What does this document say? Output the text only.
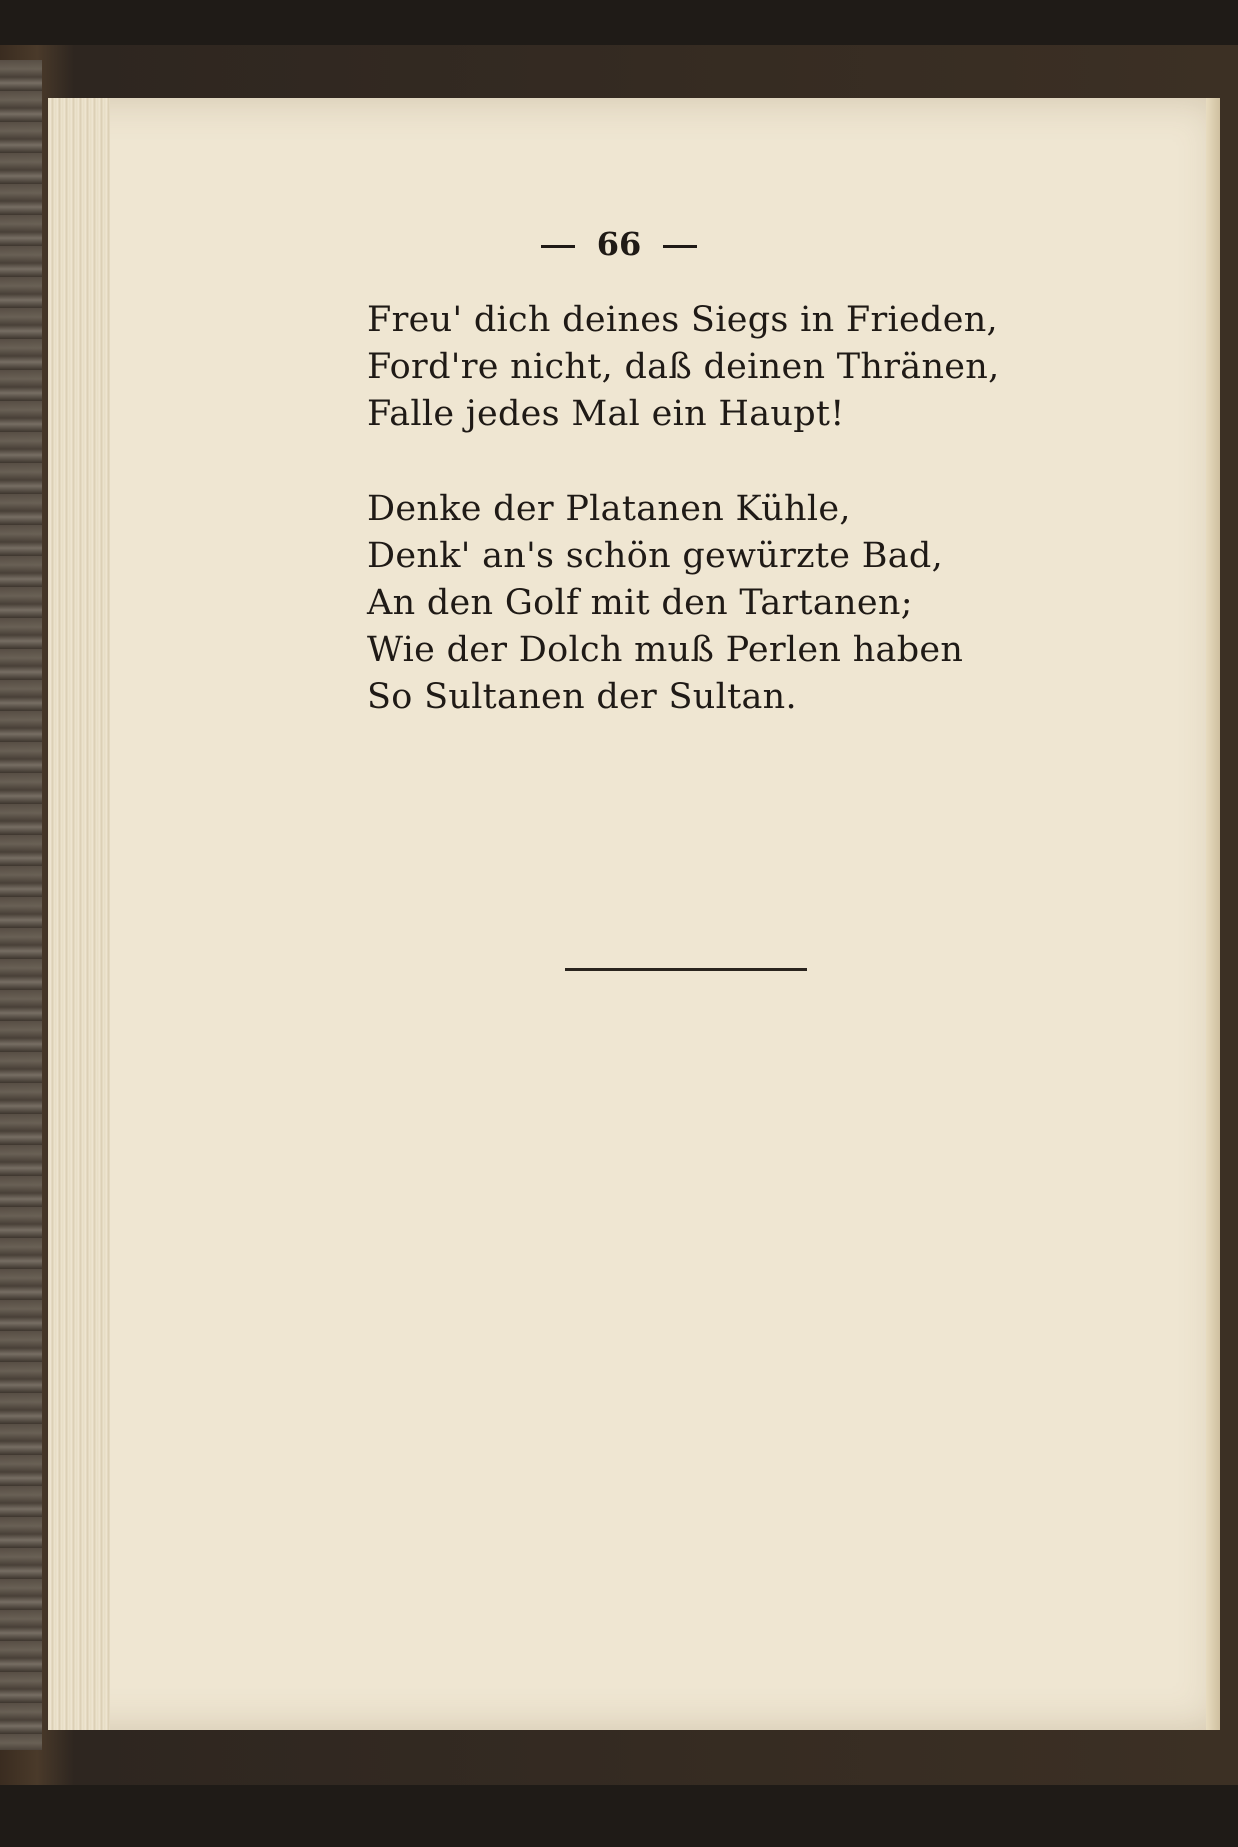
66
Freu' dich deines Siegs in Frieden,
Ford're nicht, daß deinen Thränen,
Falle jedes Mal ein Haupt!
Denke der Platanen Kühle,
Denk' an's schön gewürzte Bad,
An den Golf mit den Tartanen;
Wie der Dolch muß Perlen haben
So Sultanen der Sultan.
